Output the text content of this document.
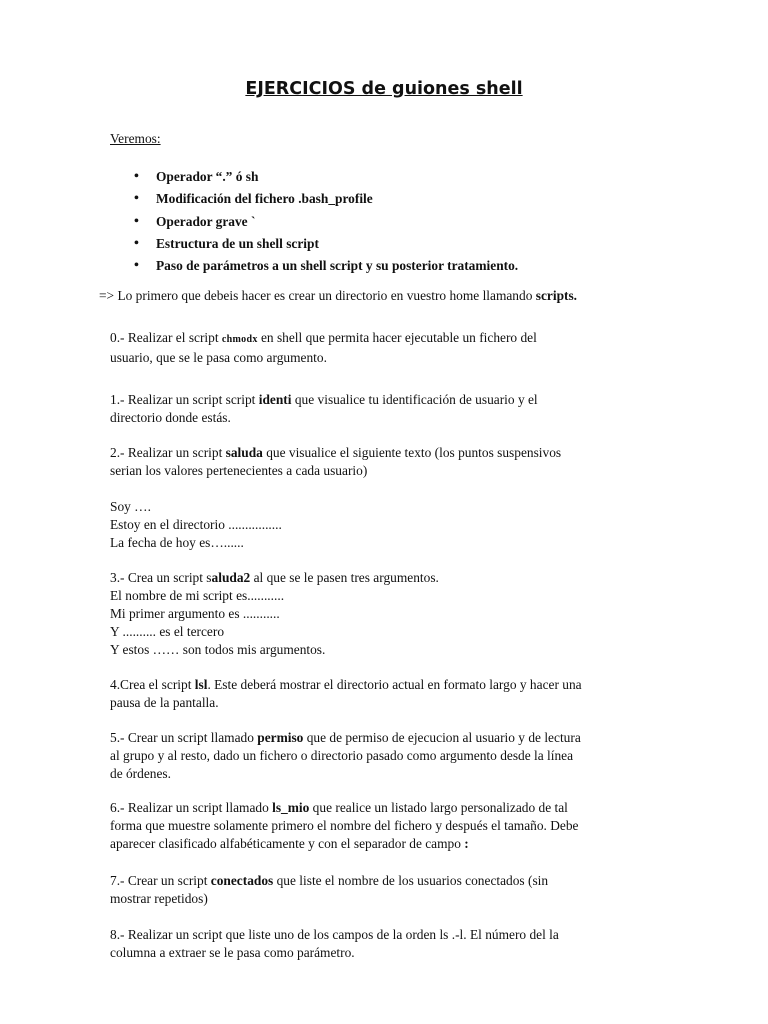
EJERCICIOS de guiones shell
Veremos:
• Operador “.” ó sh
• Modificación del fichero .bash_profile
• Operador grave `
• Estructura de un shell script
• Paso de parámetros a un shell script y su posterior tratamiento.
=> Lo primero que debeis hacer es crear un directorio en vuestro home llamando scripts.
0.- Realizar el script chmodx en shell que permita hacer ejecutable un fichero del
usuario, que se le pasa como argumento.
1.- Realizar un script script identi que visualice tu identificación de usuario y el
directorio donde estás.
2.- Realizar un script saluda que visualice el siguiente texto (los puntos suspensivos
serian los valores pertenecientes a cada usuario)
Soy ….
Estoy en el directorio ................
La fecha de hoy es…......
3.- Crea un script saluda2 al que se le pasen tres argumentos.
El nombre de mi script es...........
Mi primer argumento es ...........
Y .......... es el tercero
Y estos …… son todos mis argumentos.
4.Crea el script lsl. Este deberá mostrar el directorio actual en formato largo y hacer una
pausa de la pantalla.
5.- Crear un script llamado permiso que de permiso de ejecucion al usuario y de lectura
al grupo y al resto, dado un fichero o directorio pasado como argumento desde la línea
de órdenes.
6.- Realizar un script llamado ls_mio que realice un listado largo personalizado de tal
forma que muestre solamente primero el nombre del fichero y después el tamaño. Debe
aparecer clasificado alfabéticamente y con el separador de campo :
7.- Crear un script conectados que liste el nombre de los usuarios conectados (sin
mostrar repetidos)
8.- Realizar un script que liste uno de los campos de la orden ls .-l. El número del la
columna a extraer se le pasa como parámetro.
